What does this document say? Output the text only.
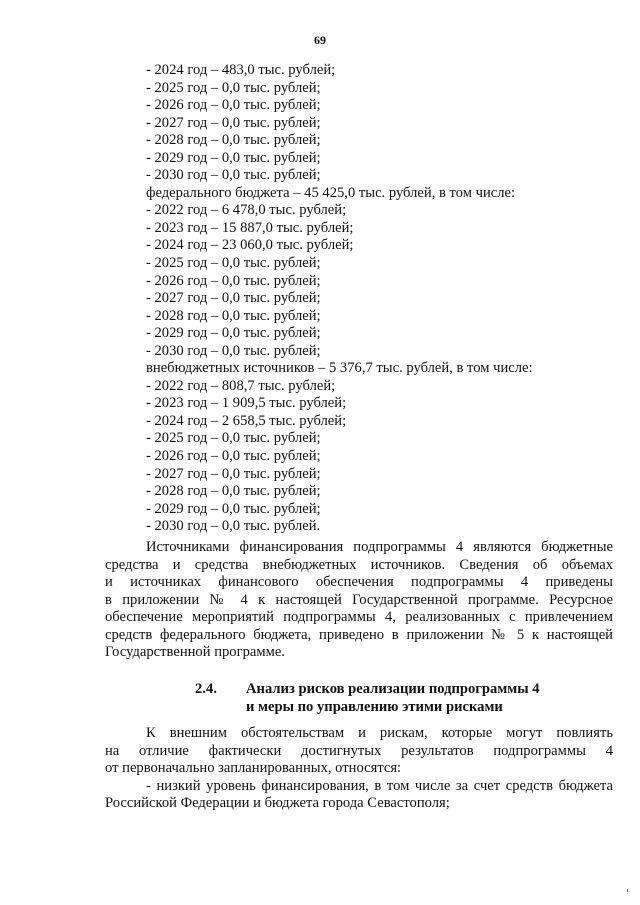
69
- 2024 год – 483,0 тыс. рублей;
- 2025 год – 0,0 тыс. рублей;
- 2026 год – 0,0 тыс. рублей;
- 2027 год – 0,0 тыс. рублей;
- 2028 год – 0,0 тыс. рублей;
- 2029 год – 0,0 тыс. рублей;
- 2030 год – 0,0 тыс. рублей;
федерального бюджета – 45 425,0 тыс. рублей, в том числе:
- 2022 год – 6 478,0 тыс. рублей;
- 2023 год – 15 887,0 тыс. рублей;
- 2024 год – 23 060,0 тыс. рублей;
- 2025 год – 0,0 тыс. рублей;
- 2026 год – 0,0 тыс. рублей;
- 2027 год – 0,0 тыс. рублей;
- 2028 год – 0,0 тыс. рублей;
- 2029 год – 0,0 тыс. рублей;
- 2030 год – 0,0 тыс. рублей;
внебюджетных источников – 5 376,7 тыс. рублей, в том числе:
- 2022 год – 808,7 тыс. рублей;
- 2023 год – 1 909,5 тыс. рублей;
- 2024 год – 2 658,5 тыс. рублей;
- 2025 год – 0,0 тыс. рублей;
- 2026 год – 0,0 тыс. рублей;
- 2027 год – 0,0 тыс. рублей;
- 2028 год – 0,0 тыс. рублей;
- 2029 год – 0,0 тыс. рублей;
- 2030 год – 0,0 тыс. рублей.
Источниками финансирования подпрограммы 4 являются бюджетные
средства и средства внебюджетных источников. Сведения об объемах
и источниках финансового обеспечения подпрограммы 4 приведены
в приложении № 4 к настоящей Государственной программе. Ресурсное
обеспечение мероприятий подпрограммы 4, реализованных с привлечением
средств федерального бюджета, приведено в приложении № 5 к настоящей
Государственной программе.
2.4. Анализ рисков реализации подпрограммы 4
и меры по управлению этими рисками
К внешним обстоятельствам и рискам, которые могут повлиять
на отличие фактически достигнутых результатов подпрограммы 4
от первоначально запланированных, относятся:
- низкий уровень финансирования, в том числе за счет средств бюджета
Российской Федерации и бюджета города Севастополя;
